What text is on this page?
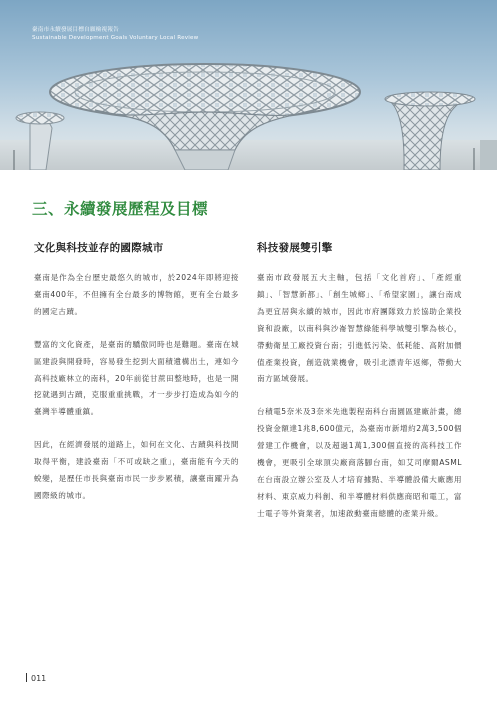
臺南市永續發展目標自願檢視報告
Sustainable Development Goals Voluntary Local Review
三、永續發展歷程及目標
文化與科技並存的國際城市

臺南是作為全台歷史最悠久的城市，於2024年即將迎接臺南400年，不但擁有全台最多的博物館，更有全台最多的國定古蹟。

豐富的文化資產，是臺南的驕傲同時也是難題。臺南在城區建設與開發時，容易發生挖到大面積遺構出土，連如今高科技廠林立的南科，20年前從甘蔗田整地時，也是一開挖就遇到古蹟，克服重重挑戰，才一步步打造成為如今的臺灣半導體重鎮。

因此，在經濟發展的道路上，如何在文化、古蹟與科技間取得平衡，建設臺南「不可或缺之重」，臺南能有今天的蛻變，是歷任市長與臺南市民一步步累積，讓臺南躍升為國際級的城市。

科技發展雙引擎

臺南市政發展五大主軸，包括「文化首府」、「產經重鎮」、「智慧新都」、「創生城鄉」、「希望家園」，讓台南成為更宜居與永續的城市，因此市府團隊致力於協助企業投資和設廠，以南科與沙崙智慧綠能科學城雙引擎為核心，帶動衛星工廠投資台南；引進低污染、低耗能、高附加價值產業投資，創造就業機會，吸引北漂青年返鄉，帶動大南方區域發展。

台積電5奈米及3奈米先進製程南科台南園區建廠計畫，總投資金額達1兆8,600億元，為臺南市新增約2萬3,500個營建工作機會，以及超過1萬1,300個直接的高科技工作機會，更吸引全球頂尖廠商落腳台南，如艾司摩爾ASML在台南設立辦公室及人才培育據點、半導體設備大廠應用材料、東京威力科創、和半導體材料供應商昭和電工，富士電子等外資業者，加速啟動臺南總體的產業升級。

011
